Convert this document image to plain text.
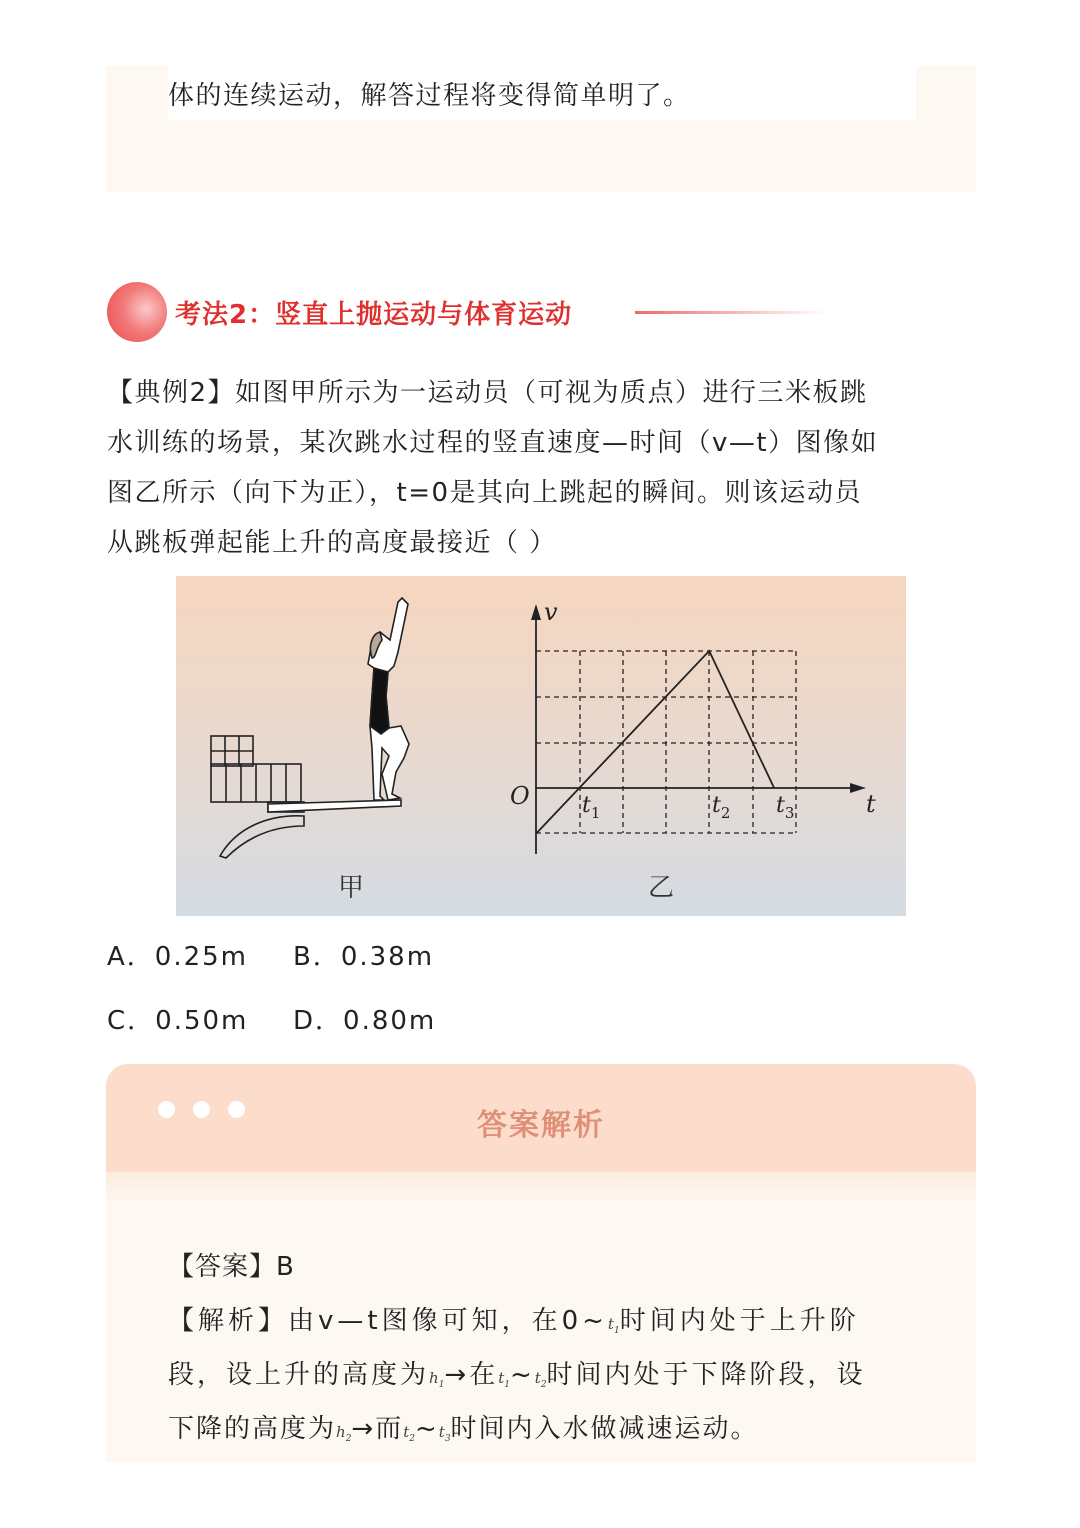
体的连续运动，解答过程将变得简单明了。
考法2：竖直上抛运动与体育运动
【典例2】如图甲所示为一运动员（可视为质点）进行三米板跳
水训练的场景，某次跳水过程的竖直速度—时间（v—t）图像如
图乙所示（向下为正），t=0是其向上跳起的瞬间。则该运动员
从跳板弹起能上升的高度最接近（ ）
甲
v
O	t
$t_1$	$t_2$ $t_3$
乙
A．0.25m B．0.38m
C．0.50m D．0.80m
答案解析
【答案】B
【解析】由v—t图像可知，在$0\sim t_1$时间内处于上升阶
段，设上升的高度为$h_1\to$在$t_1\sim t_2$时间内处于下降阶段，设
下降的高度为$h_2\to$而$t_2\sim t_3$时间内入水做减速运动。
